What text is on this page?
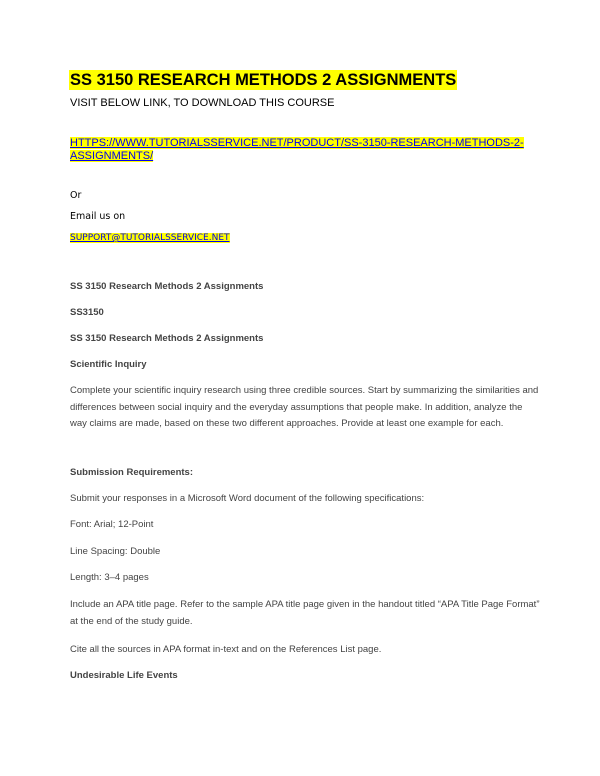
SS 3150 RESEARCH METHODS 2 ASSIGNMENTS
VISIT BELOW LINK, TO DOWNLOAD THIS COURSE
HTTPS://WWW.TUTORIALSSERVICE.NET/PRODUCT/SS-3150-RESEARCH-METHODS-2-ASSIGNMENTS/
Or
Email us on
SUPPORT@TUTORIALSSERVICE.NET
SS 3150 Research Methods 2 Assignments
SS3150
SS 3150 Research Methods 2 Assignments
Scientific Inquiry
Complete your scientific inquiry research using three credible sources. Start by summarizing the similarities and differences between social inquiry and the everyday assumptions that people make. In addition, analyze the way claims are made, based on these two different approaches. Provide at least one example for each.
Submission Requirements:
Submit your responses in a Microsoft Word document of the following specifications:
Font: Arial; 12-Point
Line Spacing: Double
Length: 3–4 pages
Include an APA title page. Refer to the sample APA title page given in the handout titled “APA Title Page Format” at the end of the study guide.
Cite all the sources in APA format in-text and on the References List page.
Undesirable Life Events
